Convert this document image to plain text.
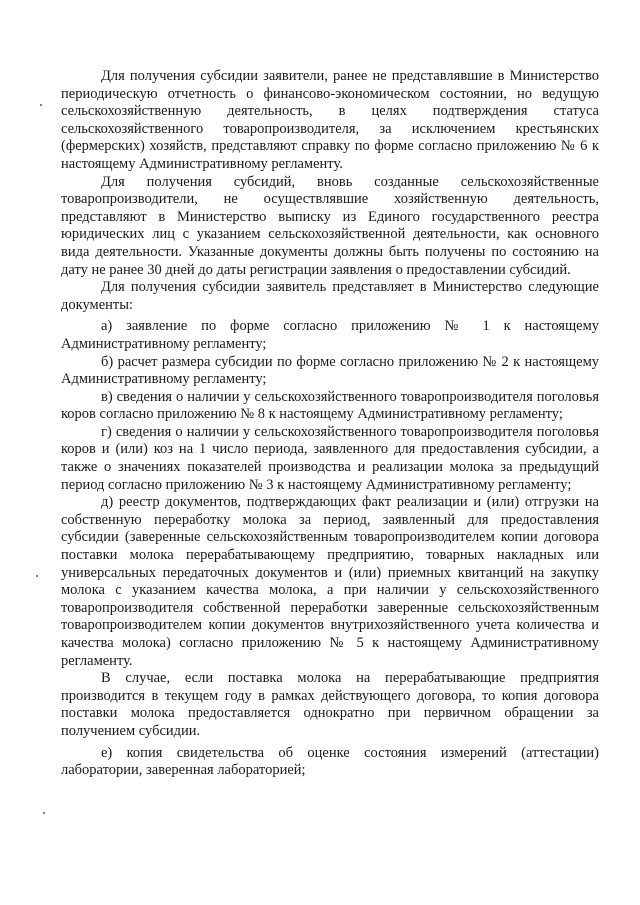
Для получения субсидии заявители, ранее не представлявшие в Министерство периодическую отчетность о финансово-экономическом состоянии, но ведущую сельскохозяйственную деятельность, в целях подтверждения статуса сельскохозяйственного товаропроизводителя, за исключением крестьянских (фермерских) хозяйств, представляют справку по форме согласно приложению № 6 к настоящему Административному регламенту.

Для получения субсидий, вновь созданные сельскохозяйственные товаропроизводители, не осуществлявшие хозяйственную деятельность, представляют в Министерство выписку из Единого государственного реестра юридических лиц с указанием сельскохозяйственной деятельности, как основного вида деятельности. Указанные документы должны быть получены по состоянию на дату не ранее 30 дней до даты регистрации заявления о предоставлении субсидий.

Для получения субсидии заявитель представляет в Министерство следующие документы:

а) заявление по форме согласно приложению № 1 к настоящему Административному регламенту;

б) расчет размера субсидии по форме согласно приложению № 2 к настоящему Административному регламенту;

в) сведения о наличии у сельскохозяйственного товаропроизводителя поголовья коров согласно приложению № 8 к настоящему Административному регламенту;

г) сведения о наличии у сельскохозяйственного товаропроизводителя поголовья коров и (или) коз на 1 число периода, заявленного для предоставления субсидии, а также о значениях показателей производства и реализации молока за предыдущий период согласно приложению № 3 к настоящему Административному регламенту;

д) реестр документов, подтверждающих факт реализации и (или) отгрузки на собственную переработку молока за период, заявленный для предоставления субсидии (заверенные сельскохозяйственным товаропроизводителем копии договора поставки молока перерабатывающему предприятию, товарных накладных или универсальных передаточных документов и (или) приемных квитанций на закупку молока с указанием качества молока, а при наличии у сельскохозяйственного товаропроизводителя собственной переработки заверенные сельскохозяйственным товаропроизводителем копии документов внутрихозяйственного учета количества и качества молока) согласно приложению № 5 к настоящему Административному регламенту.

В случае, если поставка молока на перерабатывающие предприятия производится в текущем году в рамках действующего договора, то копия договора поставки молока предоставляется однократно при первичном обращении за получением субсидии.

е) копия свидетельства об оценке состояния измерений (аттестации) лаборатории, заверенная лабораторией;
